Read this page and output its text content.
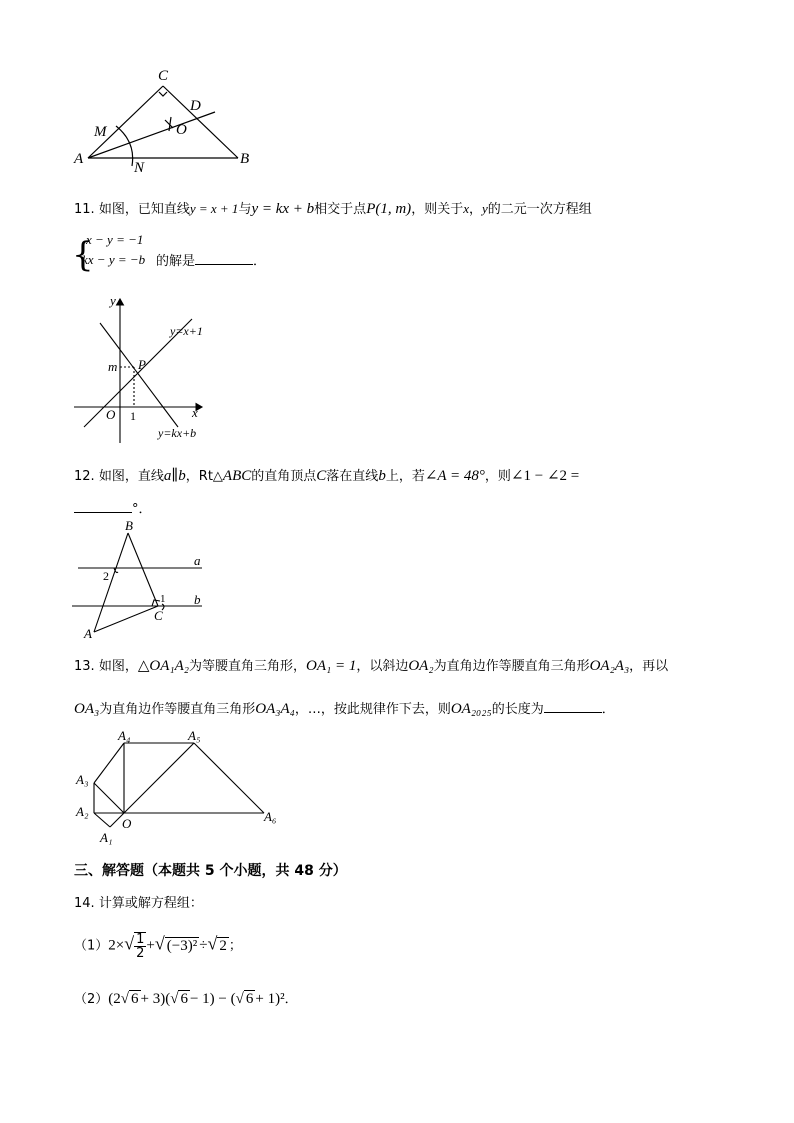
C
D
M	O
A
N
B
11. 如图，已知直线y = x + 1与y = kx + b相交于点P(1, m)，则关于x，y的二元一次方程组
{
x − y = −1
kx − y = −b 的解是	．
y
x
O 1
m P
y=x+1
y=kx+b
12. 如图，直线a∥b，Rt△ABC的直角顶点C落在直线b上，若∠A = 48°，则∠1 − ∠2 =
°．
B
a
b
2
1
C
A
13. 如图，△OA₁A₂为等腰直角三角形，OA₁ = 1，以斜边OA₂为直角边作等腰直角三角形OA₂A₃，再以
OA₃为直角边作等腰直角三角形OA₃A₄，…，按此规律作下去，则OA₂₀₂₅的长度为	．
A₄	A₅
A₃
A₂
O
A₁
A₆
三、解答题（本题共 5 个小题，共 48 分）
14. 计算或解方程组：
$(1)2\times√ \frac{1}{2}$ +√ (−3)² ÷√ 2 ；
（2）(2√ 6 + 3)(√ 6 − 1) − (√ 6 + 1)²．
